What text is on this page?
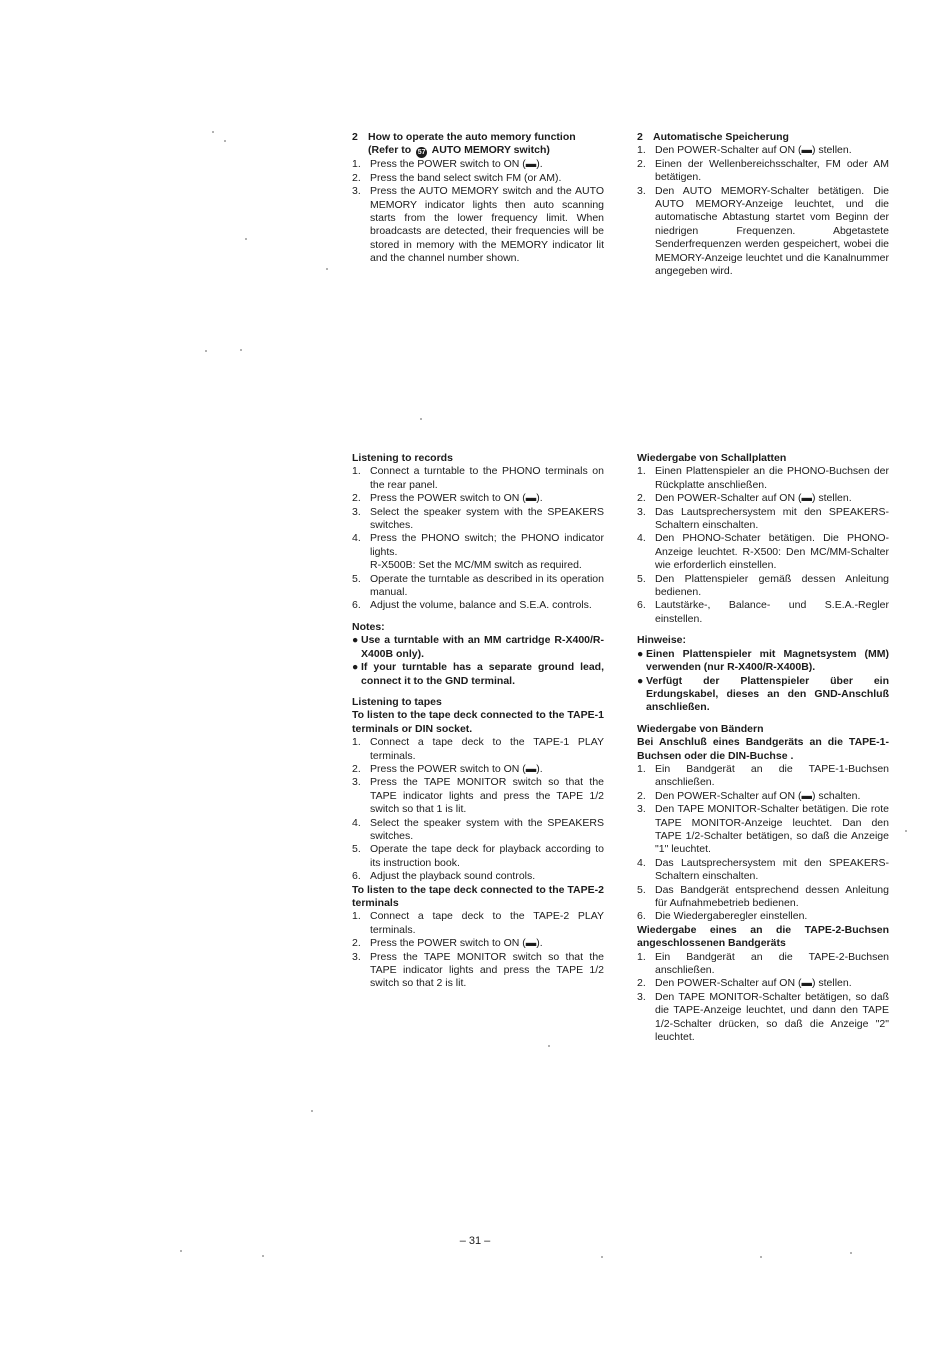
2 How to operate the auto memory function (Refer to 57 AUTO MEMORY switch)
1. Press the POWER switch to ON (▬).
2. Press the band select switch FM (or AM).
3. Press the AUTO MEMORY switch and the AUTO MEMORY indicator lights then auto scanning starts from the lower frequency limit. When broadcasts are detected, their frequencies will be stored in memory with the MEMORY indicator lit and the channel number shown.
2 Automatische Speicherung
1. Den POWER-Schalter auf ON (▬) stellen.
2. Einen der Wellenbereichsschalter, FM oder AM betätigen.
3. Den AUTO MEMORY-Schalter betätigen. Die AUTO MEMORY-Anzeige leuchtet, und die automatische Abtastung startet vom Beginn der niedrigen Frequenzen. Abgetastete Senderfrequenzen werden gespeichert, wobei die MEMORY-Anzeige leuchtet und die Kanalnummer angegeben wird.
Listening to records
1. Connect a turntable to the PHONO terminals on the rear panel.
2. Press the POWER switch to ON (▬).
3. Select the speaker system with the SPEAKERS switches.
4. Press the PHONO switch; the PHONO indicator lights.
R-X500B: Set the MC/MM switch as required.
5. Operate the turntable as described in its operation manual.
6. Adjust the volume, balance and S.E.A. controls.
Notes:
● Use a turntable with an MM cartridge R-X400/R-X400B only).
● If your turntable has a separate ground lead, connect it to the GND terminal.
Listening to tapes
To listen to the tape deck connected to the TAPE-1 terminals or DIN socket.
1. Connect a tape deck to the TAPE-1 PLAY terminals.
2. Press the POWER switch to ON (▬).
3. Press the TAPE MONITOR switch so that the TAPE indicator lights and press the TAPE 1/2 switch so that 1 is lit.
4. Select the speaker system with the SPEAKERS switches.
5. Operate the tape deck for playback according to its instruction book.
6. Adjust the playback sound controls.
To listen to the tape deck connected to the TAPE-2 terminals
1. Connect a tape deck to the TAPE-2 PLAY terminals.
2. Press the POWER switch to ON (▬).
3. Press the TAPE MONITOR switch so that the TAPE indicator lights and press the TAPE 1/2 switch so that 2 is lit.
Wiedergabe von Schallplatten
1. Einen Plattenspieler an die PHONO-Buchsen der Rückplatte anschließen.
2. Den POWER-Schalter auf ON (▬) stellen.
3. Das Lautsprechersystem mit den SPEAKERS-Schaltern einschalten.
4. Den PHONO-Schater betätigen. Die PHONO-Anzeige leuchtet. R-X500: Den MC/MM-Schalter wie erforderlich einstellen.
5. Den Plattenspieler gemäß dessen Anleitung bedienen.
6. Lautstärke-, Balance- und S.E.A.-Regler einstellen.
Hinweise:
● Einen Plattenspieler mit Magnetsystem (MM) verwenden (nur R-X400/R-X400B).
● Verfügt der Plattenspieler über ein Erdungskabel, dieses an den GND-Anschluß anschließen.
Wiedergabe von Bändern
Bei Anschluß eines Bandgeräts an die TAPE-1-Buchsen oder die DIN-Buchse .
1. Ein Bandgerät an die TAPE-1-Buchsen anschließen.
2. Den POWER-Schalter auf ON (▬) schalten.
3. Den TAPE MONITOR-Schalter betätigen. Die rote TAPE MONITOR-Anzeige leuchtet. Dan den TAPE 1/2-Schalter betätigen, so daß die Anzeige "1" leuchtet.
4. Das Lautsprechersystem mit den SPEAKERS-Schaltern einschalten.
5. Das Bandgerät entsprechend dessen Anleitung für Aufnahmebetrieb bedienen.
6. Die Wiedergaberegler einstellen.
Wiedergabe eines an die TAPE-2-Buchsen angeschlossenen Bandgeräts
1. Ein Bandgerät an die TAPE-2-Buchsen anschließen.
2. Den POWER-Schalter auf ON (▬) stellen.
3. Den TAPE MONITOR-Schalter betätigen, so daß die TAPE-Anzeige leuchtet, und dann den TAPE 1/2-Schalter drücken, so daß die Anzeige "2" leuchtet.
– 31 –
